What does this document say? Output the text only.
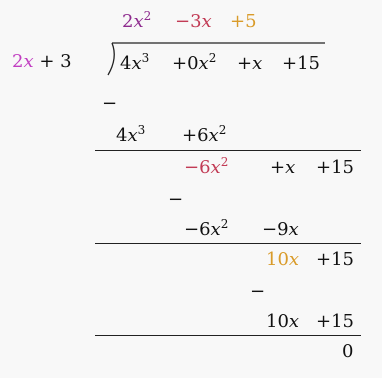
$2x^2 -3x +5$
2x + 3	$4x^3 +0x^2 +x +15$
−
$4x^3 +6x^2$
$-6x^2 +x +15$
−
$-6x^2 -9x$
10x +15
−
10x +15
0
